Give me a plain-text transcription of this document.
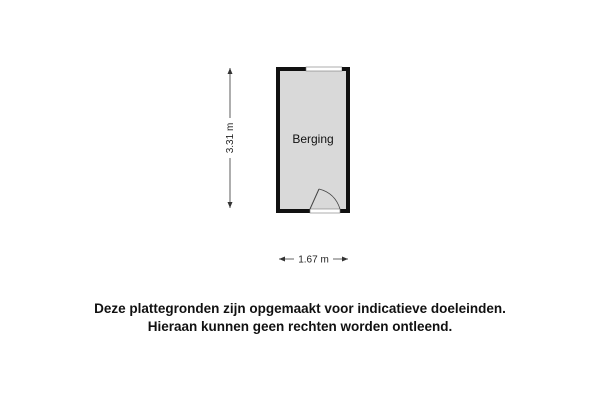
Berging
3.31 m
1.67 m
Deze plattegronden zijn opgemaakt voor indicatieve doeleinden.
Hieraan kunnen geen rechten worden ontleend.
